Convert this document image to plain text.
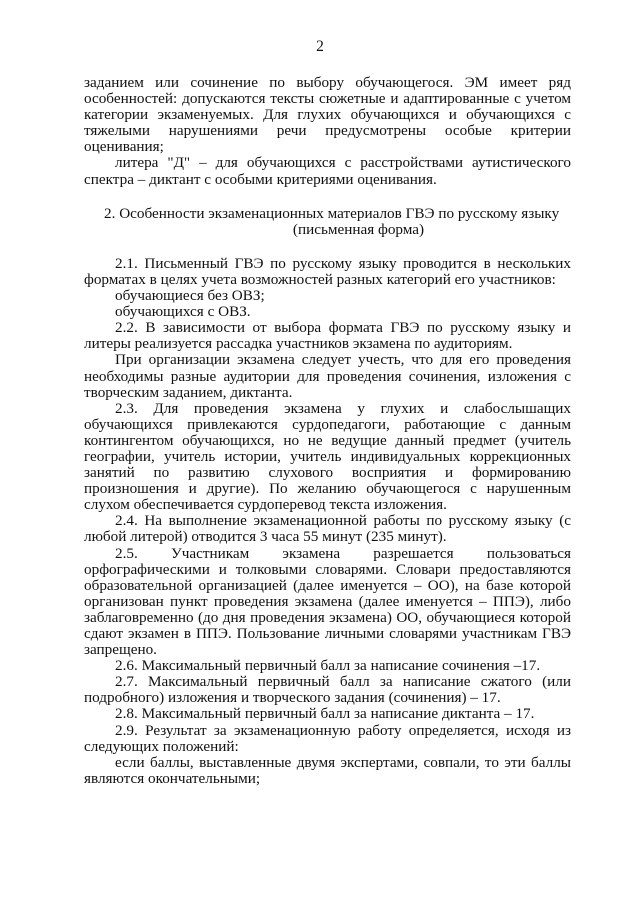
2

заданием или сочинение по выбору обучающегося. ЭМ имеет ряд особенностей: допускаются тексты сюжетные и адаптированные с учетом категории экзаменуемых. Для глухих обучающихся и обучающихся с тяжелыми нарушениями речи предусмотрены особые критерии оценивания;

литера "Д" – для обучающихся с расстройствами аутистического спектра – диктант с особыми критериями оценивания.

2. Особенности экзаменационных материалов ГВЭ по русскому языку
(письменная форма)

2.1. Письменный ГВЭ по русскому языку проводится в нескольких форматах в целях учета возможностей разных категорий его участников:

обучающиеся без ОВЗ;

обучающихся с ОВЗ.

2.2. В зависимости от выбора формата ГВЭ по русскому языку и литеры реализуется рассадка участников экзамена по аудиториям.

При организации экзамена следует учесть, что для его проведения необходимы разные аудитории для проведения сочинения, изложения с творческим заданием, диктанта.

2.3. Для проведения экзамена у глухих и слабослышащих обучающихся привлекаются сурдопедагоги, работающие с данным контингентом обучающихся, но не ведущие данный предмет (учитель географии, учитель истории, учитель индивидуальных коррекционных занятий по развитию слухового восприятия и формированию произношения и другие). По желанию обучающегося с нарушенным слухом обеспечивается сурдоперевод текста изложения.

2.4. На выполнение экзаменационной работы по русскому языку (с любой литерой) отводится 3 часа 55 минут (235 минут).

2.5. Участникам экзамена разрешается пользоваться орфографическими и толковыми словарями. Словари предоставляются образовательной организацией (далее именуется – ОО), на базе которой организован пункт проведения экзамена (далее именуется – ППЭ), либо заблаговременно (до дня проведения экзамена) ОО, обучающиеся которой сдают экзамен в ППЭ. Пользование личными словарями участникам ГВЭ запрещено.

2.6. Максимальный первичный балл за написание сочинения –17.

2.7. Максимальный первичный балл за написание сжатого (или подробного) изложения и творческого задания (сочинения) – 17.

2.8. Максимальный первичный балл за написание диктанта – 17.

2.9. Результат за экзаменационную работу определяется, исходя из следующих положений:

если баллы, выставленные двумя экспертами, совпали, то эти баллы являются окончательными;
